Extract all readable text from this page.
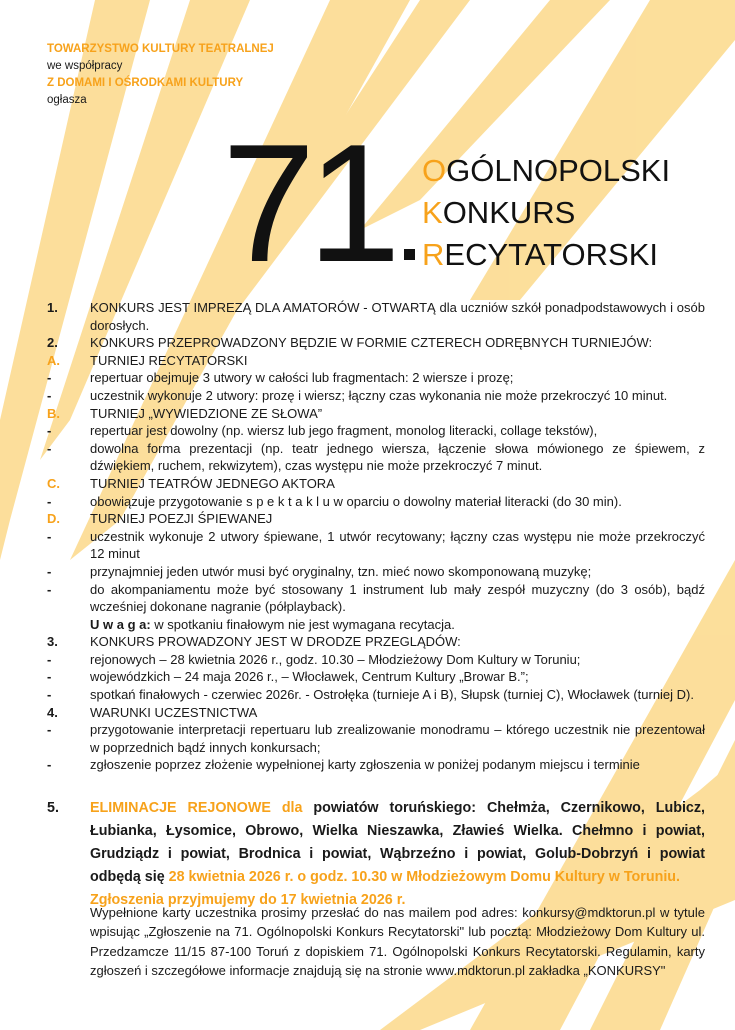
TOWARZYSTWO KULTURY TEATRALNEJ
we współpracy
Z DOMAMI I OŚRODKAMI KULTURY
ogłasza
71 OGÓLNOPOLSKI
KONKURS
RECYTATORSKI
1.	KONKURS JEST IMPREZĄ DLA AMATORÓW - OTWARTĄ dla uczniów szkół ponadpodstawowych i osób dorosłych.
2.	KONKURS PRZEPROWADZONY BĘDZIE W FORMIE CZTERECH ODRĘBNYCH TURNIEJÓW:
A.	TURNIEJ RECYTATORSKI
-	repertuar obejmuje 3 utwory w całości lub fragmentach: 2 wiersze i prozę;
-	uczestnik wykonuje 2 utwory: prozę i wiersz; łączny czas wykonania nie może przekroczyć 10 minut.
B.	TURNIEJ „WYWIEDZIONE ZE SŁOWA”
-	repertuar jest dowolny (np. wiersz lub jego fragment, monolog literacki, collage tekstów),
-	dowolna forma prezentacji (np. teatr jednego wiersza, łączenie słowa mówionego ze śpiewem, z dźwiękiem, ruchem, rekwizytem), czas występu nie może przekroczyć 7 minut.
C.	TURNIEJ TEATRÓW JEDNEGO AKTORA
-	obowiązuje przygotowanie s p e k t a k l u w oparciu o dowolny materiał literacki (do 30 min).
D.	TURNIEJ POEZJI ŚPIEWANEJ
-	uczestnik wykonuje 2 utwory śpiewane, 1 utwór recytowany; łączny czas występu nie może przekroczyć 12 minut
-	przynajmniej jeden utwór musi być oryginalny, tzn. mieć nowo skomponowaną muzykę;
-	do akompaniamentu może być stosowany 1 instrument lub mały zespół muzyczny (do 3 osób), bądź wcześniej dokonane nagranie (półplayback).
U w a g a: w spotkaniu finałowym nie jest wymagana recytacja.
3.	KONKURS PROWADZONY JEST W DRODZE PRZEGLĄDÓW:
-	rejonowych – 28 kwietnia 2026 r., godz. 10.30 – Młodzieżowy Dom Kultury w Toruniu;
-	wojewódzkich – 24 maja 2026 r., – Włocławek, Centrum Kultury „Browar B.”;
-	spotkań finałowych - czerwiec 2026r. - Ostrołęka (turnieje A i B), Słupsk (turniej C), Włocławek (turniej D).
4.	WARUNKI UCZESTNICTWA
-	przygotowanie interpretacji repertuaru lub zrealizowanie monodramu – którego uczestnik nie prezentował w poprzednich bądź innych konkursach;
-	zgłoszenie poprzez złożenie wypełnionej karty zgłoszenia w poniżej podanym miejscu i terminie
5.	ELIMINACJE REJONOWE dla powiatów toruńskiego: Chełmża, Czernikowo, Lubicz, Łubianka, Łysomice, Obrowo, Wielka Nieszawka, Zławieś Wielka. Chełmno i powiat, Grudziądz i powiat, Brodnica i powiat, Wąbrzeźno i powiat, Golub-Dobrzyń i powiat odbędą się 28 kwietnia 2026 r. o godz. 10.30 w Młodzieżowym Domu Kultury w Toruniu.
Zgłoszenia przyjmujemy do 17 kwietnia 2026 r.
Wypełnione karty uczestnika prosimy przesłać do nas mailem pod adres: konkursy@mdktorun.pl w tytule wpisując „Zgłoszenie na 71. Ogólnopolski Konkurs Recytatorski" lub pocztą: Młodzieżowy Dom Kultury ul. Przedzamcze 11/15 87-100 Toruń z dopiskiem 71. Ogólnopolski Konkurs Recytatorski. Regulamin, karty zgłoszeń i szczegółowe informacje znajdują się na stronie www.mdktorun.pl zakładka „KONKURSY"
